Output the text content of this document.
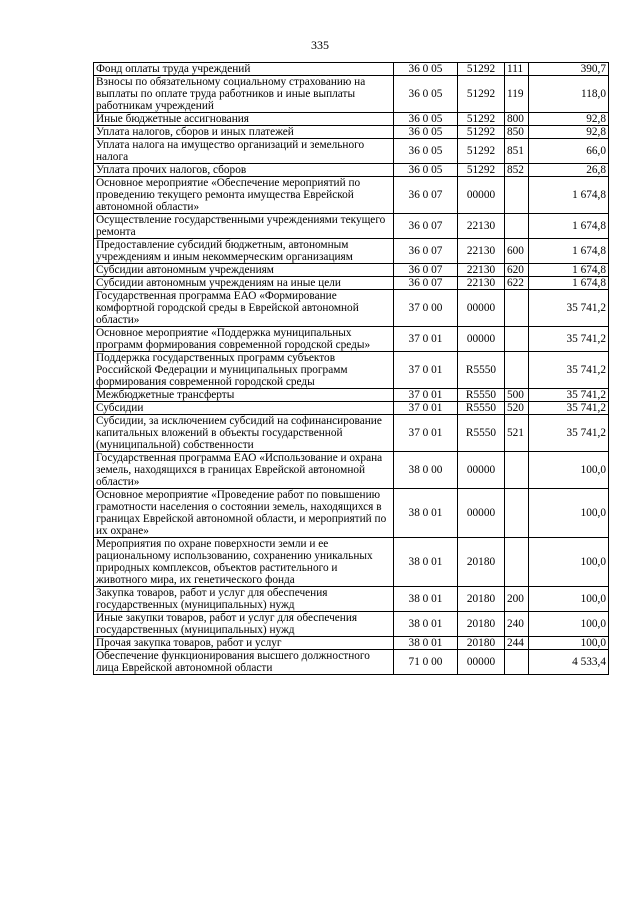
335
Фонд оплаты труда учреждений	36 0 05	51292	111	390,7
Взносы по обязательному социальному страхованию на выплаты по оплате труда работников и иные выплаты работникам учреждений	36 0 05	51292	119	118,0
Иные бюджетные ассигнования	36 0 05	51292	800	92,8
Уплата налогов, сборов и иных платежей	36 0 05	51292	850	92,8
Уплата налога на имущество организаций и земельного налога	36 0 05	51292	851	66,0
Уплата прочих налогов, сборов	36 0 05	51292	852	26,8
Основное мероприятие «Обеспечение мероприятий по проведению текущего ремонта имущества Еврейской автономной области»	36 0 07	00000		1 674,8
Осуществление государственными учреждениями текущего ремонта	36 0 07	22130		1 674,8
Предоставление субсидий бюджетным, автономным учреждениям и иным некоммерческим организациям	36 0 07	22130	600	1 674,8
Субсидии автономным учреждениям	36 0 07	22130	620	1 674,8
Субсидии автономным учреждениям на иные цели	36 0 07	22130	622	1 674,8
Государственная программа ЕАО «Формирование комфортной городской среды в Еврейской автономной области»	37 0 00	00000		35 741,2
Основное мероприятие «Поддержка муниципальных программ формирования современной городской среды»	37 0 01	00000		35 741,2
Поддержка государственных программ субъектов Российской Федерации и муниципальных программ формирования современной городской среды	37 0 01	R5550		35 741,2
Межбюджетные трансферты	37 0 01	R5550	500	35 741,2
Субсидии	37 0 01	R5550	520	35 741,2
Субсидии, за исключением субсидий на софинансирование капитальных вложений в объекты государственной (муниципальной) собственности	37 0 01	R5550	521	35 741,2
Государственная программа ЕАО «Использование и охрана земель, находящихся в границах Еврейской автономной области»	38 0 00	00000		100,0
Основное мероприятие «Проведение работ по повышению грамотности населения о состоянии земель, находящихся в границах Еврейской автономной области, и мероприятий по их охране»	38 0 01	00000		100,0
Мероприятия по охране поверхности земли и ее рациональному использованию, сохранению уникальных природных комплексов, объектов растительного и животного мира, их генетического фонда	38 0 01	20180		100,0
Закупка товаров, работ и услуг для обеспечения государственных (муниципальных) нужд	38 0 01	20180	200	100,0
Иные закупки товаров, работ и услуг для обеспечения государственных (муниципальных) нужд	38 0 01	20180	240	100,0
Прочая закупка товаров, работ и услуг	38 0 01	20180	244	100,0
Обеспечение функционирования высшего должностного лица Еврейской автономной области	71 0 00	00000		4 533,4
